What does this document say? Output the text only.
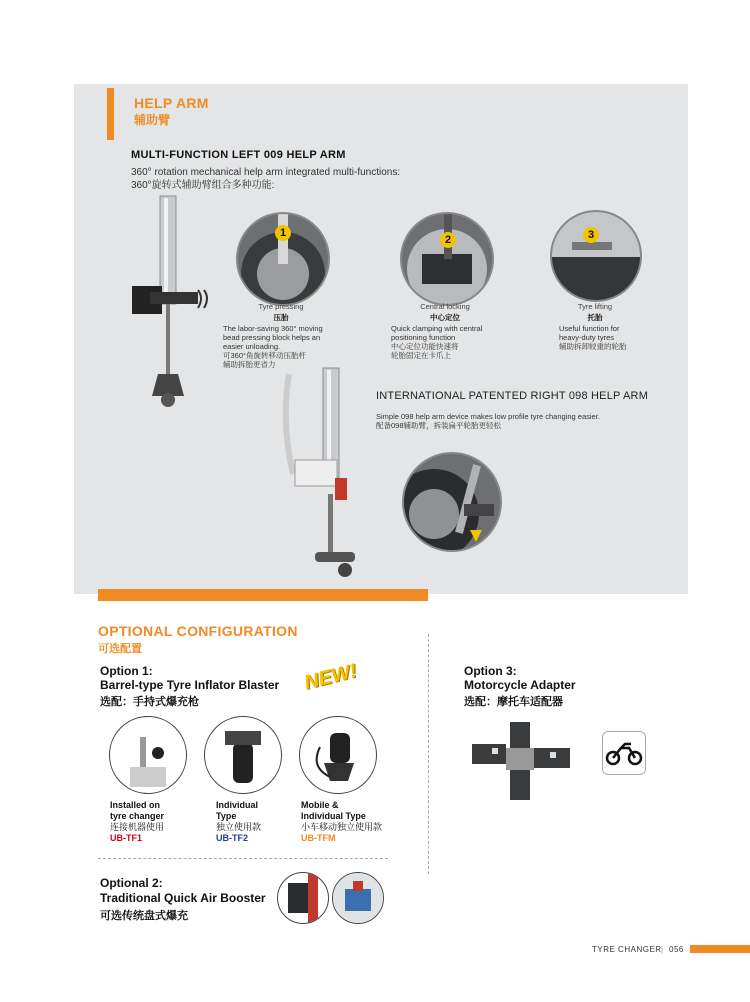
HELP ARM
辅助臂
MULTI-FUNCTION LEFT 009 HELP ARM
360° rotation mechanical help arm integrated multi-functions:
360°旋转式辅助臂组合多种功能:
1
Tyre pressing
压胎
The labor-saving 360° moving
bead pressing block helps an
easier unloading.
可360°角旋转移动压胎杆
辅助拆胎更省力
2
Central locking
中心定位
Quick clamping with central
positioning function
中心定位功能快速将
轮胎固定在卡爪上
3
Tyre lifting
托胎
Useful function for
heavy-duty tyres
辅助拆卸较重的轮胎
INTERNATIONAL PATENTED RIGHT 098 HELP ARM
Simple 098 help arm device makes low profile tyre changing easier.
配备098辅助臂，拆装扁平轮胎更轻松
OPTIONAL CONFIGURATION
可选配置
Option 1:
Barrel-type Tyre Inflator Blaster
选配：手持式爆充枪
NEW!
Installed on
tyre changer
连接机器使用
UB-TF1
Individual
Type
独立使用款
UB-TF2
Mobile &
Individual Type
小车移动独立使用款
UB-TFM
Optional 2:
Traditional Quick Air Booster
可选传统盘式爆充
Option 3:
Motorcycle Adapter
选配：摩托车适配器
TYRE CHANGER | 056
